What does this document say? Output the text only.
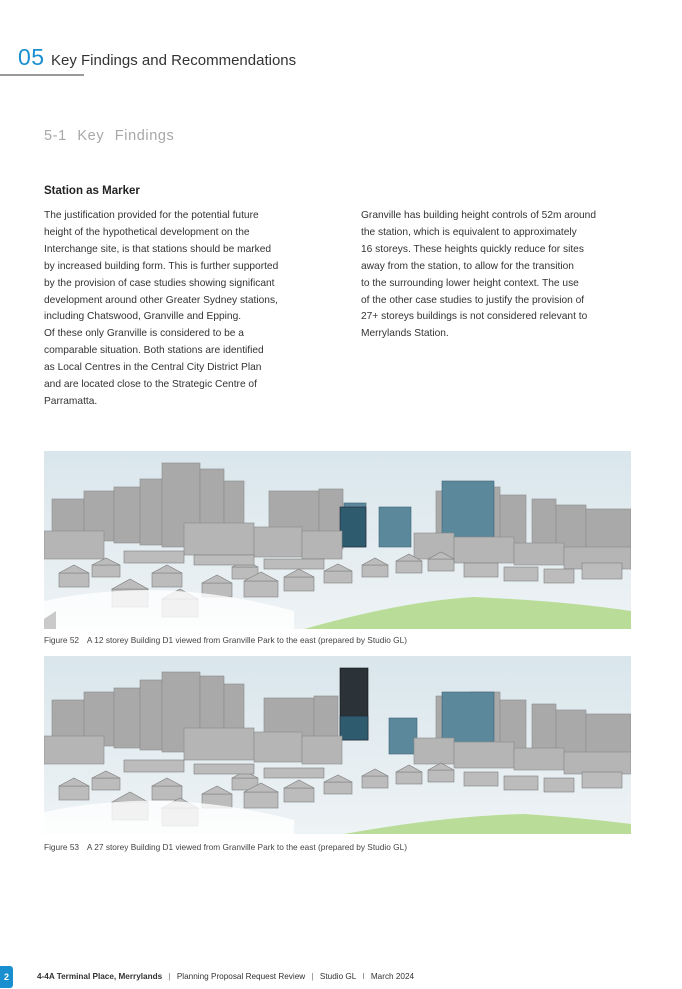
05 Key Findings and Recommendations
5-1 Key Findings
Station as Marker
The justification provided for the potential future
height of the hypothetical development on the
Interchange site, is that stations should be marked
by increased building form. This is further supported
by the provision of case studies showing significant
development around other Greater Sydney stations,
including Chatswood, Granville and Epping.
Of these only Granville is considered to be a
comparable situation. Both stations are identified
as Local Centres in the Central City District Plan
and are located close to the Strategic Centre of
Parramatta.
Granville has building height controls of 52m around
the station, which is equivalent to approximately
16 storeys. These heights quickly reduce for sites
away from the station, to allow for the transition
to the surrounding lower height context. The use
of the other case studies to justify the provision of
27+ storeys buildings is not considered relevant to
Merrylands Station.
Figure 52 A 12 storey Building D1 viewed from Granville Park to the east (prepared by Studio GL)
Figure 53 A 27 storey Building D1 viewed from Granville Park to the east (prepared by Studio GL)
2	4-4A Terminal Place, Merrylands | Planning Proposal Request Review | Studio GL I March 2024
